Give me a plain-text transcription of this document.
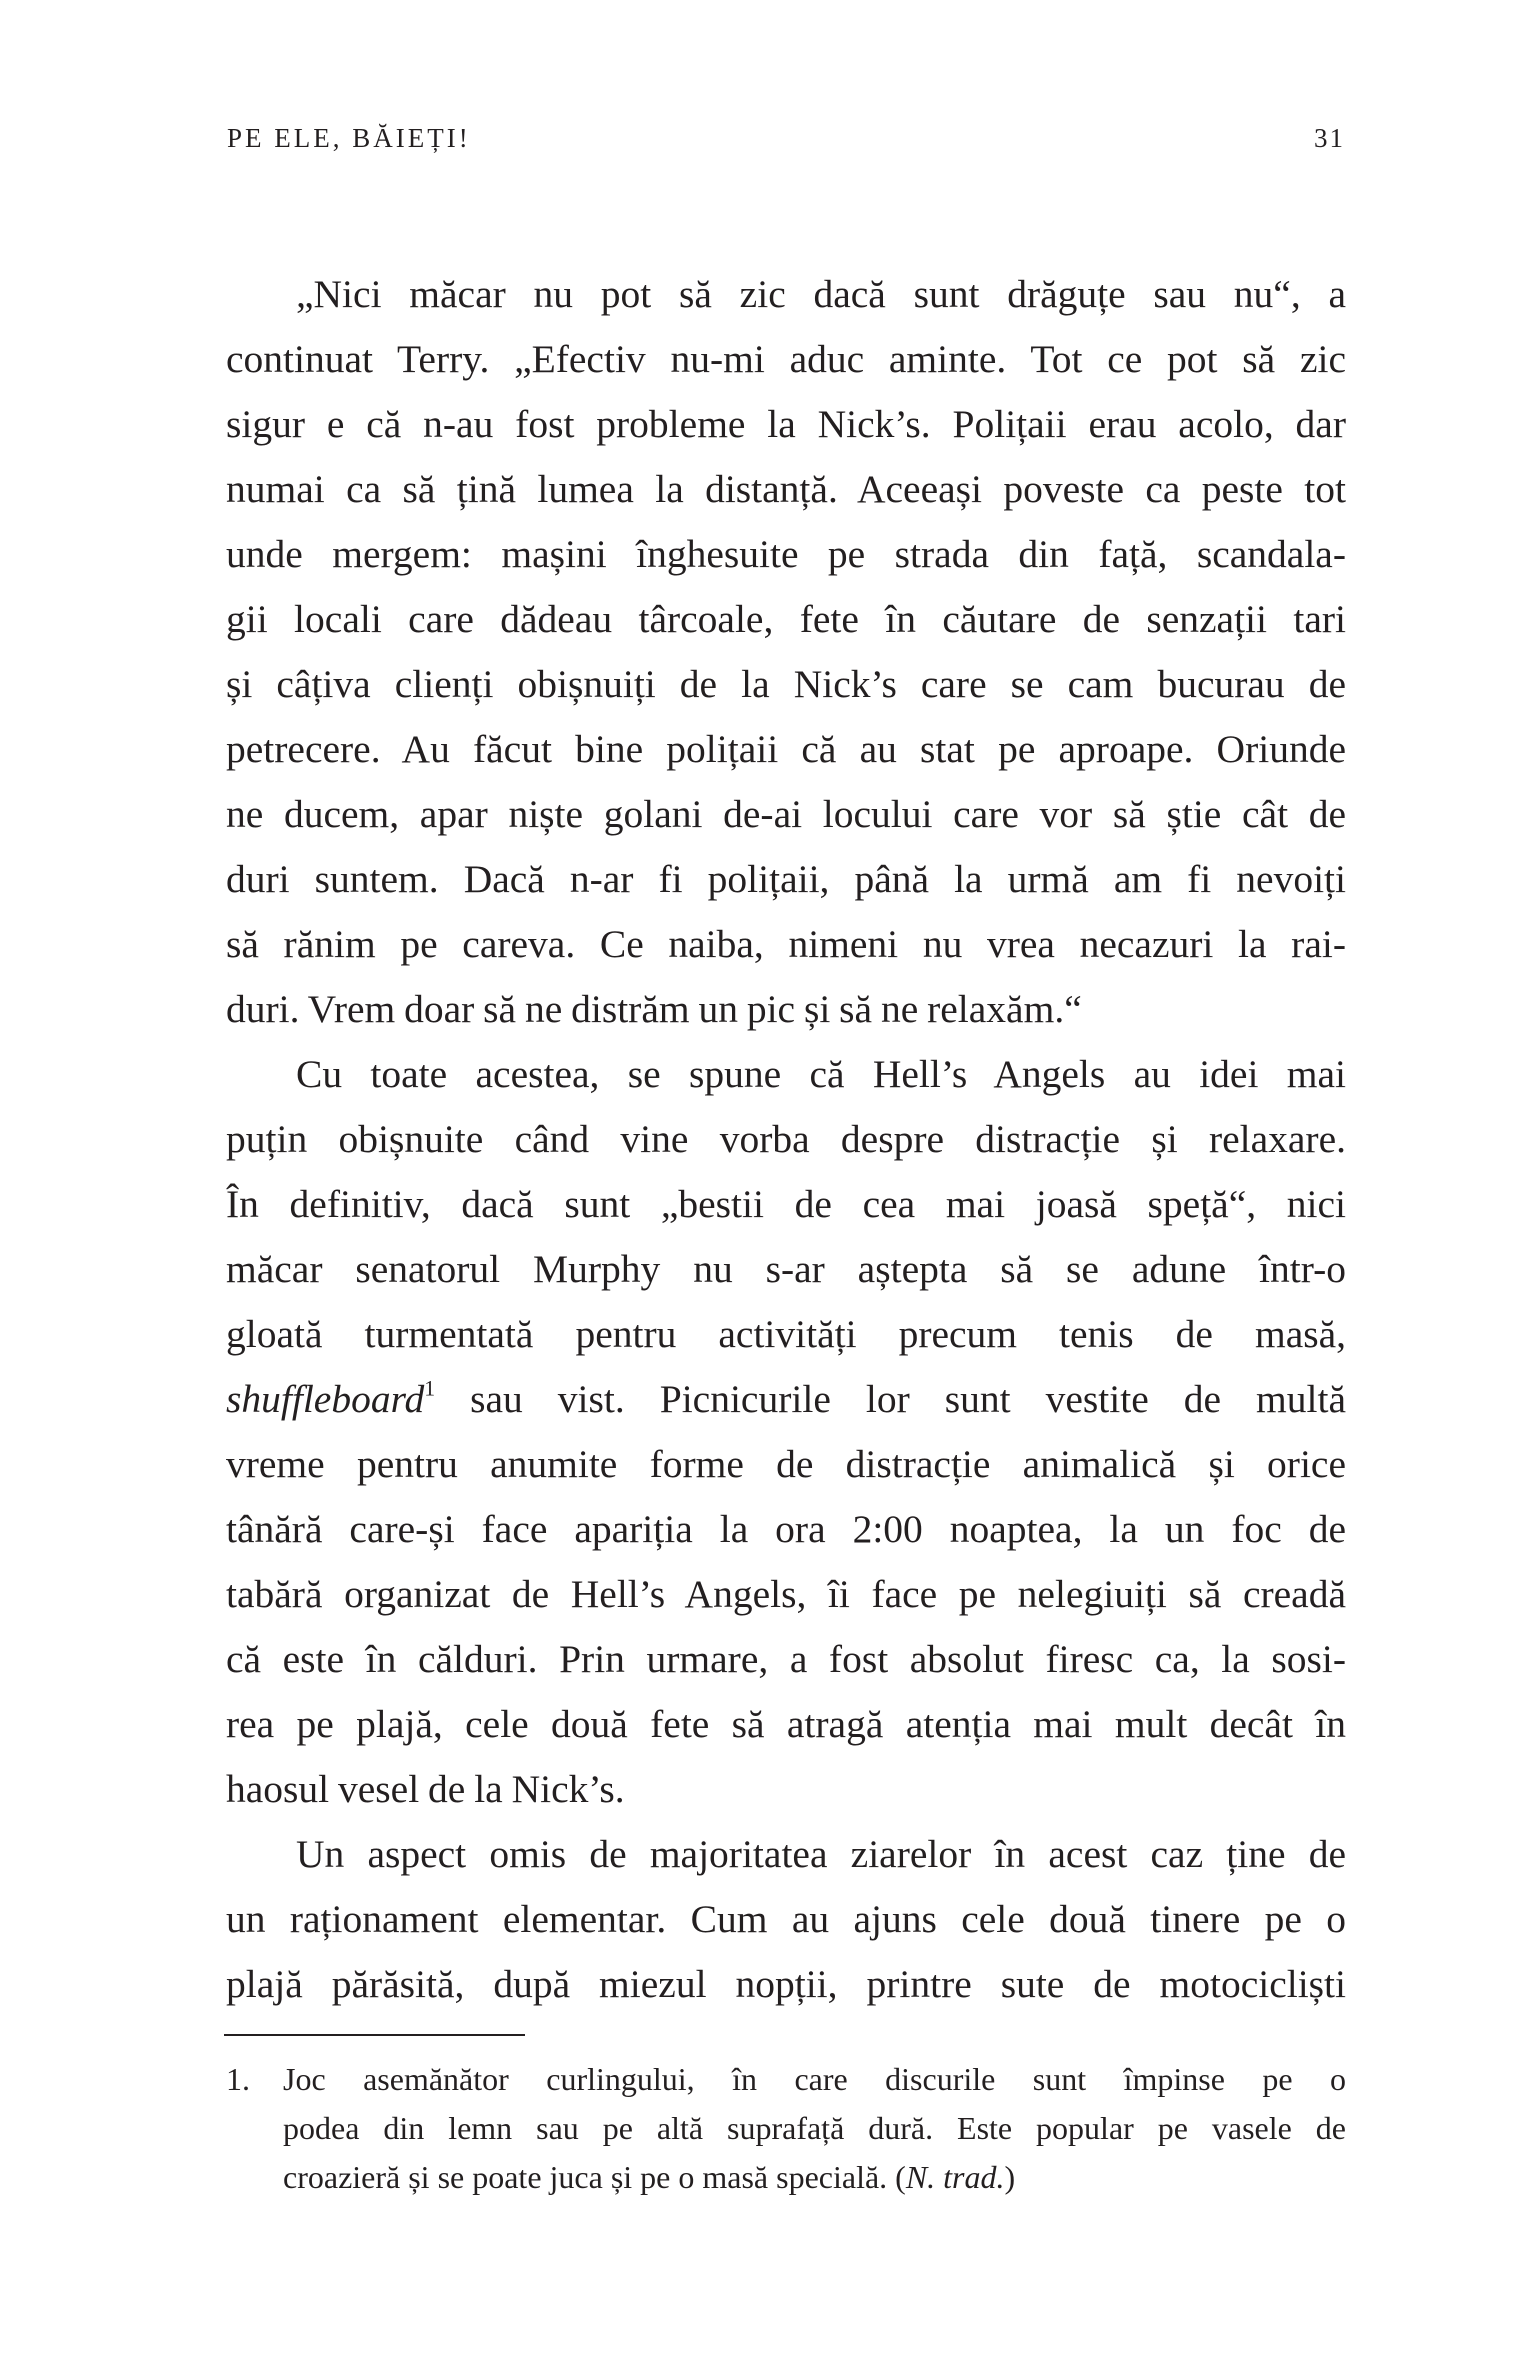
PE ELE, BĂIEȚI!	31
„Nici măcar nu pot să zic dacă sunt drăguțe sau nu“, a
continuat Terry. „Efectiv nu-mi aduc aminte. Tot ce pot să zic
sigur e că n-au fost probleme la Nick’s. Polițaii erau acolo, dar
numai ca să țină lumea la distanță. Aceeași poveste ca peste tot
unde mergem: mașini înghesuite pe strada din față, scandala-
gii locali care dădeau târcoale, fete în căutare de senzații tari
și câțiva clienți obișnuiți de la Nick’s care se cam bucurau de
petrecere. Au făcut bine polițaii că au stat pe aproape. Oriunde
ne ducem, apar niște golani de-ai locului care vor să știe cât de
duri suntem. Dacă n-ar fi polițaii, până la urmă am fi nevoiți
să rănim pe careva. Ce naiba, nimeni nu vrea necazuri la rai-
duri. Vrem doar să ne distrăm un pic și să ne relaxăm.“
Cu toate acestea, se spune că Hell’s Angels au idei mai
puțin obișnuite când vine vorba despre distracție și relaxare.
În definitiv, dacă sunt „bestii de cea mai joasă speță“, nici
măcar senatorul Murphy nu s-ar aștepta să se adune într-o
gloată turmentată pentru activități precum tenis de masă,
shuffleboard$^1$ sau vist. Picnicurile lor sunt vestite de multă
vreme pentru anumite forme de distracție animalică și orice
tânără care-și face apariția la ora 2:00 noaptea, la un foc de
tabără organizat de Hell’s Angels, îi face pe nelegiuiți să creadă
că este în călduri. Prin urmare, a fost absolut firesc ca, la sosi-
rea pe plajă, cele două fete să atragă atenția mai mult decât în
haosul vesel de la Nick’s.
Un aspect omis de majoritatea ziarelor în acest caz ține de
un raționament elementar. Cum au ajuns cele două tinere pe o
plajă părăsită, după miezul nopții, printre sute de motocicliști
1. Joc asemănător curlingului, în care discurile sunt împinse pe o
podea din lemn sau pe altă suprafață dură. Este popular pe vasele de
croazieră și se poate juca și pe o masă specială. (N. trad.)
